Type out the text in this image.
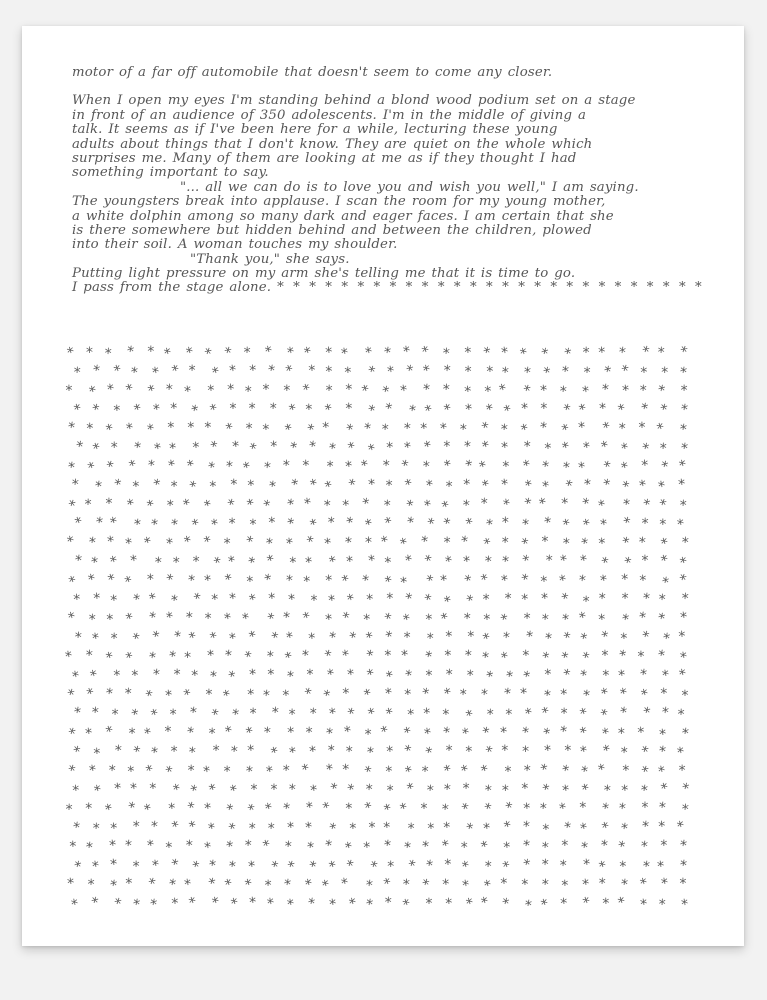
motor of a far off automobile that doesn't seem to come any closer.
When I open my eyes I'm standing behind a blond wood podium set on a stage
in front of an audience of 350 adolescents. I'm in the middle of giving a
talk. It seems as if I've been here for a while, lecturing these young
adults about things that I don't know. They are quiet on the whole which
surprises me. Many of them are looking at me as if they thought I had
something important to say.
"... all we can do is to love you and wish you well," I am saying.
The youngsters break into applause. I scan the room for my young mother,
a white dolphin among so many dark and eager faces. I am certain that she
is there somewhere but hidden behind and between the children, plowed
into their soil. A woman touches my shoulder.
"Thank you," she says.
Putting light pressure on my arm she's telling me that it is time to go.
I pass from the stage alone. * * * * * * * * * * * * * * * * * * * * * * * * * * *
* * * * * * * * * * * * * * * * * * * * * * * * * * * * * * * *
* * * * * * * * * * * * * * * * * * * * * * * * * * * * * * * *
* * * * * * * * * * * * * * * * * * * * * * * * * * * * * * * *
* * * * * * * * * * * * * * * * * * * * * * * * * * * * * * * *
* * * * * * * * * * * * * * * * * * * * * * * * * * * * * * * *
* * * * * * * * * * * * * * * * * * * * * * * * * * * * * * * *
* * * * * * * * * * * * * * * * * * * * * * * * * * * * * * * *
* * * * * * * * * * * * * * * * * * * * * * * * * * * * * * * *
* * * * * * * * * * * * * * * * * * * * * * * * * * * * * * * *
* * * * * * * * * * * * * * * * * * * * * * * * * * * * * * * *
* * * * * * * * * * * * * * * * * * * * * * * * * * * * * * * *
* * * * * * * * * * * * * * * * * * * * * * * * * * * * * * * *
* * * * * * * * * * * * * * * * * * * * * * * * * * * * * * * *
* * * * * * * * * * * * * * * * * * * * * * * * * * * * * * * *
* * * * * * * * * * * * * * * * * * * * * * * * * * * * * * * *
* * * * * * * * * * * * * * * * * * * * * * * * * * * * * * * *
* * * * * * * * * * * * * * * * * * * * * * * * * * * * * * * *
* * * * * * * * * * * * * * * * * * * * * * * * * * * * * * * *
* * * * * * * * * * * * * * * * * * * * * * * * * * * * * * * *
* * * * * * * * * * * * * * * * * * * * * * * * * * * * * * * *
* * * * * * * * * * * * * * * * * * * * * * * * * * * * * * * *
* * * * * * * * * * * * * * * * * * * * * * * * * * * * * * * *
* * * * * * * * * * * * * * * * * * * * * * * * * * * * * * * *
* * * * * * * * * * * * * * * * * * * * * * * * * * * * * * * *
* * * * * * * * * * * * * * * * * * * * * * * * * * * * * * * *
* * * * * * * * * * * * * * * * * * * * * * * * * * * * * * * *
* * * * * * * * * * * * * * * * * * * * * * * * * * * * * * * *
* * * * * * * * * * * * * * * * * * * * * * * * * * * * * * * *
* * * * * * * * * * * * * * * * * * * * * * * * * * * * * * * *
* * * * * * * * * * * * * * * * * * * * * * * * * * * * * * * *
